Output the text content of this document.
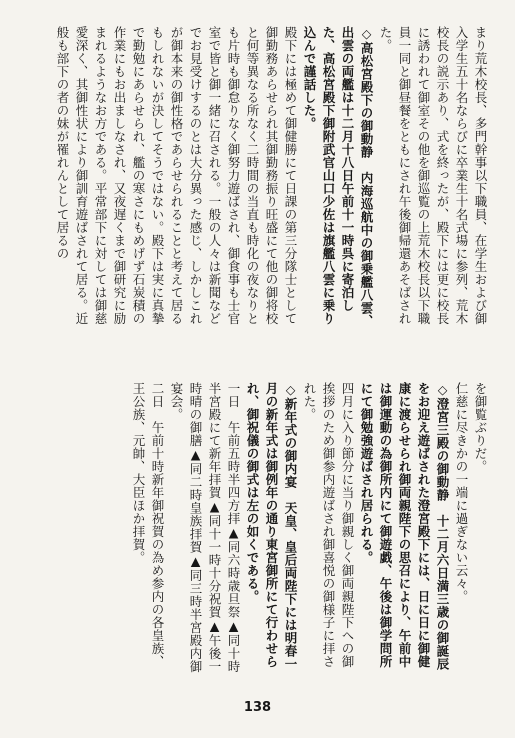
まり荒木校長、多門幹事以下職員、在学生および御入学生五十名ならびに卒業生十名式場に参列、荒木校長の説示あり、式を終ったが、殿下には更に校長に誘われて御室その他を御巡覧の上荒木校長以下職員一同と御昼餐をともにされ午後御帰還あそばされた。

◇高松宮殿下の御動静　内海巡航中の御乗艦八雲、出雲の両艦は十二月十八日午前十一時呉に寄泊した、高松宮殿下御附武官山口少佐は旗艦八雲に乗り込んで謹話した。

殿下には極めて御健勝にて日課の第三分隊士として御勤務あらせられ其御勤務振り旺盛にて他の御将校と何等異なる所なく二時間の当直も時化の夜なりとも片時も御怠りなく御努力遊ばされ、御食事も士官室で皆と御一緒に召される。一般の人々は新聞などでお見受けするのとは大分異った感じ、しかしこれが御本来の御性格であらせられることと考えて居るもしれないが決してそうではない。殿下は実に真摯で勤勉にあらせられ、艦の寒さにもめげず石炭積の作業にもお出ましなされ、又夜遅くまで御研究に励まれるようなお方である。平常部下に対しては御慈愛深く、其御性状により御訓育遊ばされて居る。近般も部下の者の妹が罹れんとして居るの

を御覧ぶりだ。

仁慈に尽きかの一端に過ぎない云々。

◇澄宮三殿の御動静　十二月六日満三歳の御誕辰をお迎え遊ばされた澄宮殿下には、日に日に御健康に渡らせられ御両親陛下の思召により、午前中は御運動の為御所内にて御遊戯、午後は御学問所にて御勉強遊ばされ居られる。

四月に入り節分に当り御親しく御両親陛下への御挨拶のため御参内遊ばされ御喜悦の御様子に拝された。

◇新年式の御内宴　天皇、皇后両陛下には明春一月の新年式は御例年の通り東宮御所にて行わせられ、御祝儀の御式は左の如くである。

一日　午前五時半四方拝▲同六時歳旦祭▲同十時半宮殿にて新年拝賀▲同十一時十分祝賀▲午後一時晴の御膳▲同二時皇族拝賀▲同三時半宮殿内御宴会。

二日　午前十時新年御祝賀の為め参内の各皇族、王公族、元帥、大臣ほか拝賀。

138
